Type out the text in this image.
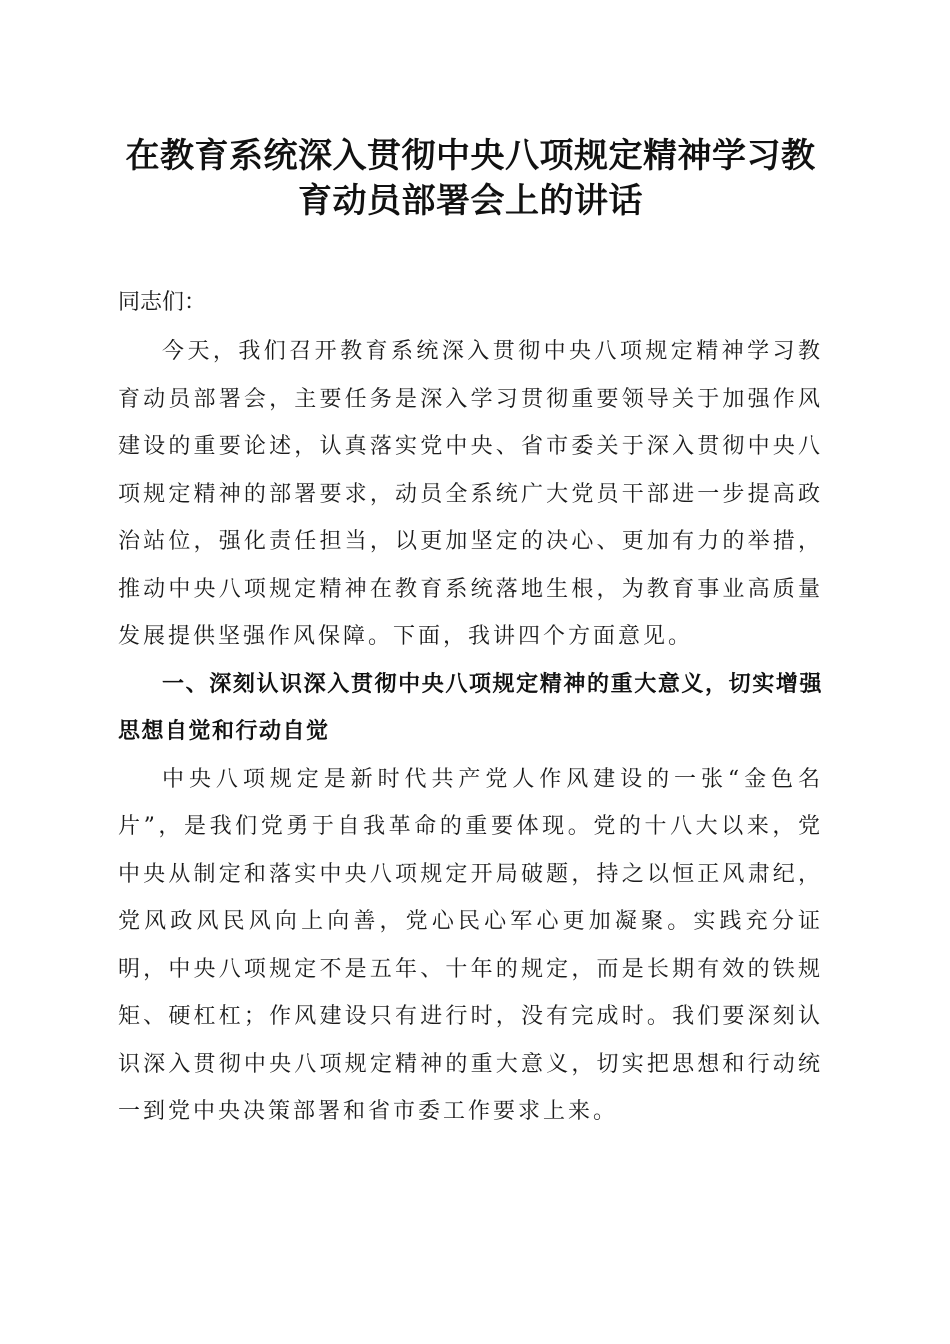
在教育系统深入贯彻中央八项规定精神学习教育动员部署会上的讲话

同志们：

今天，我们召开教育系统深入贯彻中央八项规定精神学习教育动员部署会，主要任务是深入学习贯彻重要领导关于加强作风建设的重要论述，认真落实党中央、省市委关于深入贯彻中央八项规定精神的部署要求，动员全系统广大党员干部进一步提高政治站位，强化责任担当，以更加坚定的决心、更加有力的举措，推动中央八项规定精神在教育系统落地生根，为教育事业高质量发展提供坚强作风保障。下面，我讲四个方面意见。

一、深刻认识深入贯彻中央八项规定精神的重大意义，切实增强思想自觉和行动自觉

中央八项规定是新时代共产党人作风建设的一张“金色名片”，是我们党勇于自我革命的重要体现。党的十八大以来，党中央从制定和落实中央八项规定开局破题，持之以恒正风肃纪，党风政风民风向上向善，党心民心军心更加凝聚。实践充分证明，中央八项规定不是五年、十年的规定，而是长期有效的铁规矩、硬杠杠；作风建设只有进行时，没有完成时。我们要深刻认识深入贯彻中央八项规定精神的重大意义，切实把思想和行动统一到党中央决策部署和省市委工作要求上来。
